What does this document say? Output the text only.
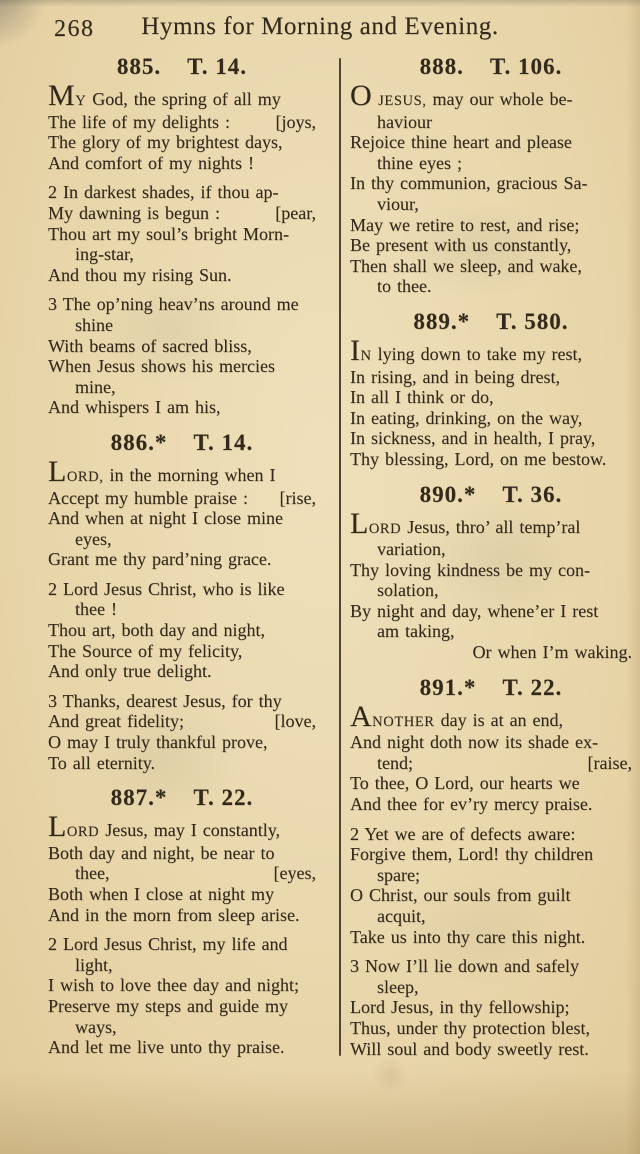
268	Hymns for Morning and Evening.
885. T. 14.
MY God, the spring of all my
The life of my delights :	[joys,
The glory of my brightest days,
And comfort of my nights !
2 In darkest shades, if thou ap-
My dawning is begun :	[pear,
Thou art my soul’s bright Morn-
ing-star,
And thou my rising Sun.
3 The op’ning heav’ns around me
shine
With beams of sacred bliss,
When Jesus shows his mercies
mine,
And whispers I am his,
886.* T. 14.
LORD, in the morning when I
Accept my humble praise : [rise,
And when at night I close mine
eyes,
Grant me thy pard’ning grace.
2 Lord Jesus Christ, who is like
thee !
Thou art, both day and night,
The Source of my felicity,
And only true delight.
3 Thanks, dearest Jesus, for thy
And great fidelity;	[love,
O may I truly thankful prove,
To all eternity.
887.* T. 22.
LORD Jesus, may I constantly,
Both day and night, be near to
thee,	[eyes,
Both when I close at night my
And in the morn from sleep arise.
2 Lord Jesus Christ, my life and
light,
I wish to love thee day and night;
Preserve my steps and guide my
ways,
And let me live unto thy praise.
888. T. 106.
OJESUS, may our whole be-
haviour
Rejoice thine heart and please
thine eyes ;
In thy communion, gracious Sa-
viour,
May we retire to rest, and rise;
Be present with us constantly,
Then shall we sleep, and wake,
to thee.
889.* T. 580.
IN lying down to take my rest,
In rising, and in being drest,
In all I think or do,
In eating, drinking, on the way,
In sickness, and in health, I pray,
Thy blessing, Lord, on me bestow.
890.* T. 36.
LORD Jesus, thro’ all temp’ral
variation,
Thy loving kindness be my con-
solation,
By night and day, whene’er I rest
am taking,
Or when I’m waking.
891.* T. 22.
ANOTHER day is at an end,
And night doth now its shade ex-
tend;	[raise,
To thee, O Lord, our hearts we
And thee for ev’ry mercy praise.
2 Yet we are of defects aware:
Forgive them, Lord! thy children
spare;
O Christ, our souls from guilt
acquit,
Take us into thy care this night.
3 Now I’ll lie down and safely
sleep,
Lord Jesus, in thy fellowship;
Thus, under thy protection blest,
Will soul and body sweetly rest.
